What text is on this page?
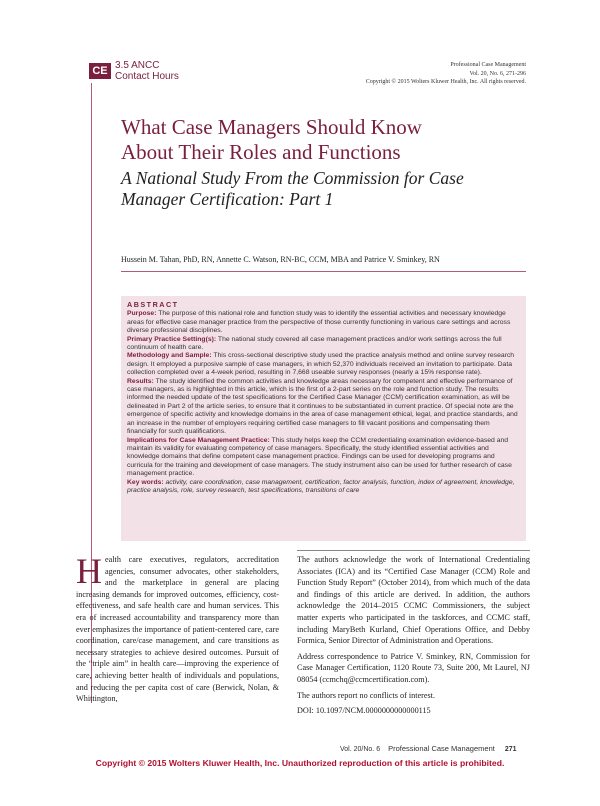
CE 3.5 ANCC
Contact Hours
Professional Case Management
Vol. 20, No. 6, 271-296
Copyright © 2015 Wolters Kluwer Health, Inc. All rights reserved.
What Case Managers Should Know
About Their Roles and Functions
A National Study From the Commission for Case
Manager Certification: Part 1
Hussein M. Tahan, PhD, RN, Annette C. Watson, RN-BC, CCM, MBA and Patrice V. Sminkey, RN
ABSTRACT
Purpose: The purpose of this national role and function study was to identify the essential activities and necessary knowledge areas for effective case manager practice from the perspective of those currently functioning in various care settings and across diverse professional disciplines.
Primary Practice Setting(s): The national study covered all case management practices and/or work settings across the full continuum of health care.
Methodology and Sample: This cross-sectional descriptive study used the practice analysis method and online survey research design. It employed a purposive sample of case managers, in which 52,370 individuals received an invitation to participate. Data collection completed over a 4-week period, resulting in 7,668 useable survey responses (nearly a 15% response rate).
Results: The study identified the common activities and knowledge areas necessary for competent and effective performance of case managers, as is highlighted in this article, which is the first of a 2-part series on the role and function study. The results informed the needed update of the test specifications for the Certified Case Manager (CCM) certification examination, as will be delineated in Part 2 of the article series, to ensure that it continues to be substantiated in current practice. Of special note are the emergence of specific activity and knowledge domains in the area of case management ethical, legal, and practice standards, and an increase in the number of employers requiring certified case managers to fill vacant positions and compensating them financially for such qualifications.
Implications for Case Management Practice: This study helps keep the CCM credentialing examination evidence-based and maintain its validity for evaluating competency of case managers. Specifically, the study identified essential activities and knowledge domains that define competent case management practice. Findings can be used for developing programs and curricula for the training and development of case managers. The study instrument also can be used for further research of case management practice.
Key words: activity, care coordination, case management, certification, factor analysis, function, index of agreement, knowledge, practice analysis, role, survey research, test specifications, transitions of care
Health care executives, regulators, accreditation agencies, consumer advocates, other stakeholders, and the marketplace in general are placing increasing demands for improved outcomes, efficiency, cost-effectiveness, and safe health care and human services. This era of increased accountability and transparency more than ever emphasizes the importance of patient-centered care, care coordination, care/case management, and care transitions as necessary strategies to achieve desired outcomes. Pursuit of the “triple aim” in health care—improving the experience of care, achieving better health of individuals and populations, and reducing the per capita cost of care (Berwick, Nolan, & Whittington,

The authors acknowledge the work of International Credentialing Associates (ICA) and its “Certified Case Manager (CCM) Role and Function Study Report” (October 2014), from which much of the data and findings of this article are derived. In addition, the authors acknowledge the 2014–2015 CCMC Commissioners, the subject matter experts who participated in the taskforces, and CCMC staff, including MaryBeth Kurland, Chief Operations Office, and Debby Formica, Senior Director of Administration and Operations.

Address correspondence to Patrice V. Sminkey, RN, Commission for Case Manager Certification, 1120 Route 73, Suite 200, Mt Laurel, NJ 08054 (ccmchq@ccmcertification.com).

The authors report no conflicts of interest.

DOI: 10.1097/NCM.0000000000000115

Vol. 20/No. 6 Professional Case Management 271
Copyright © 2015 Wolters Kluwer Health, Inc. Unauthorized reproduction of this article is prohibited.
